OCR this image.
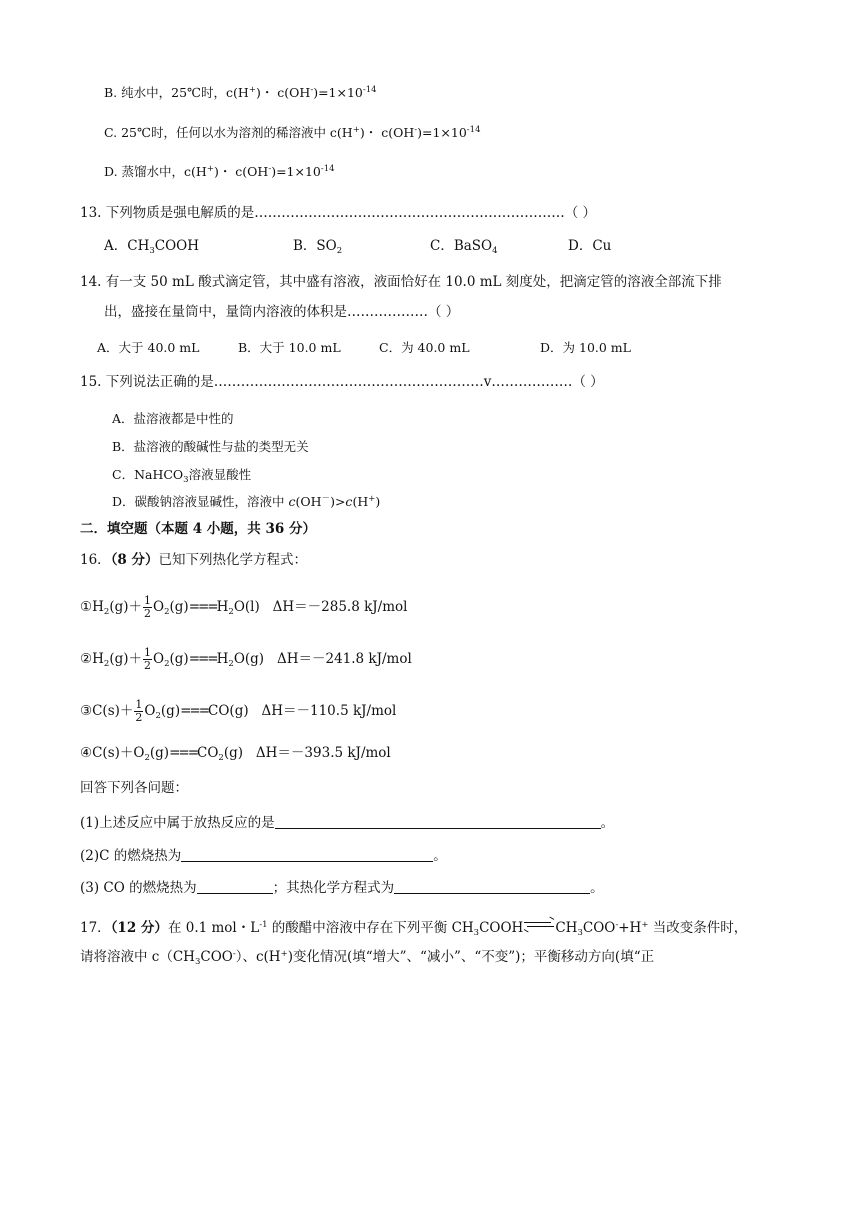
B. 纯水中，25℃时，c(H+)・ $c(OH^-)=1\times 10^{-14}$
C. 25℃时，任何以水为溶剂的稀溶液中 c(H+)・ $c(OH^-)=1\times 10^{-14}$
D. 蒸馏水中，c(H+)・ $c(OH^-)=1\times 10^{-14}$
13. 下列物质是强电解质的是……………………………………………………………（ ）
A．$CH_3COOH$	B．$SO_2$	C．BaSO$_4$	D．Cu
14. 有一支 50 mL 酸式滴定管，其中盛有溶液，液面恰好在 10.0 mL 刻度处，把滴定管的溶液全部流下排
出，盛接在量筒中，量筒内溶液的体积是………………（ ）
A．大于 40.0 mL	B．大于 10.0 mL	C．为 40.0 mL	D．为 10.0 mL
15. 下列说法正确的是……………………………………………………v………………（ ）
A．盐溶液都是中性的
B．盐溶液的酸碱性与盐的类型无关
C．NaHCO$_3$溶液显酸性
D．碳酸钠溶液显碱性，溶液中 c(OH－)>c(H+)
二．填空题（本题 4 小题，共 36 分）
16．（8 分）已知下列热化学方程式：
$①H_2(g)+ \frac{1}{2} O_2(g)===H_2O(l)$ ΔH＝－285.8 kJ/mol
$②H_2(g)+ \frac{1}{2} O_2(g)===H_2O(g)$ ΔH＝－241.8 kJ/mol
③C(s)＋ $\frac{1}{2} O_2(g)===CO(g)$ ΔH＝－110.5 kJ/mol
$④C(s)+O_2(g)===CO_2(g)$ ΔH＝－393.5 kJ/mol
回答下列各问题：
(1)上述反应中属于放热反应的是	。
(2)C 的燃烧热为	。
(3) CO 的燃烧热为	；其热化学方程式为	。
17．（12 分）在 0.1 mol・$L^{-1}$ 的酸醋中溶液中存在下列平衡 $CH_3COOH$ $CH_3COO^-+H^+$ 当改变条件时，
请将溶液中 $c(CH_3COO^-)$、c(H+)变化情况(填“增大”、“减小”、“不变”)；平衡移动方向(填“正
